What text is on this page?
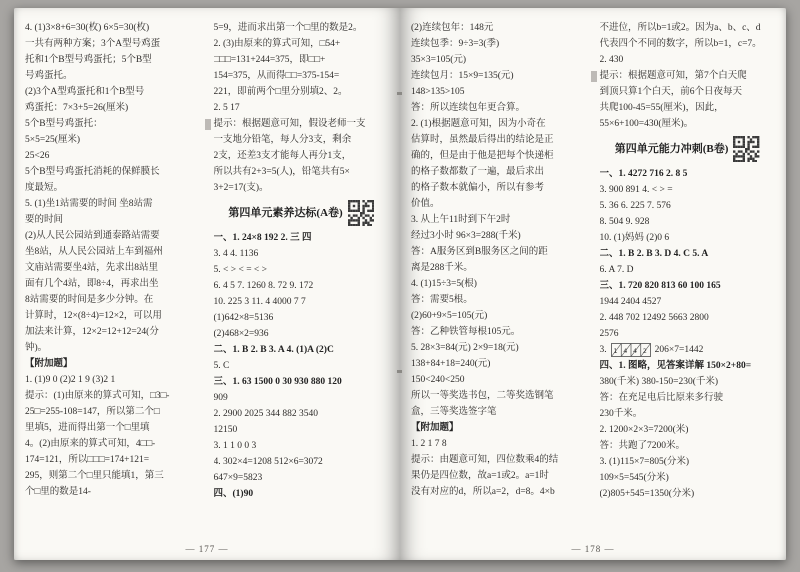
4. (1)3×8+6=30(枚) 6×5=30(枚)
一共有两种方案；3个A型号鸡蛋
托和1个B型号鸡蛋托；5个B型
号鸡蛋托。
(2)3个A型鸡蛋托和1个B型号
鸡蛋托：7×3+5=26(厘米)
5个B型号鸡蛋托：
5×5=25(厘米)
25<26
5个B型号鸡蛋托消耗的保鲜膜长
度最短。
5. (1)坐1站需要的时间 坐8站需
要的时间
(2)从人民公园站到通泰路站需要
坐8站，从人民公园站上车到福州
文庙站需要坐4站，先求出8站里
面有几个4站，即8÷4，再求出坐
8站需要的时间是多少分钟。在
计算时，12×(8÷4)=12×2，可以用
加法来计算，12×2=12+12=24(分
钟)。
【附加题】
1. (1)9 0 (2)2 1 9 (3)2 1
提示：(1)由原来的算式可知，□3□-
25□=255-108=147，所以第二个□
里填5，进而得出第一个□里填
4。(2)由原来的算式可知，4□□-
174=121，所以□□□=174+121=
295，则第二个□里只能填1，第三
个□里的数是14-
5=9，进而求出第一个□里的数是2。
2. (3)由原来的算式可知，□54+
□□□=131+244=375，即□□+
154=375，从而得□□=375-154=
221，即前两个□里分别填2、2。
2. 5 17
提示：根据题意可知，假设老师一支
一支地分铅笔，每人分3支，剩余
2支，还差3支才能每人再分1支，
所以共有2+3=5(人)，铅笔共有5×
3+2=17(支)。
第四单元素养达标(A卷)
一、1. 24×8 192 2. 三 四
3. 4 4. 1136
5. < > < = < >
6. 4 5 7. 1260 8. 72 9. 172
10. 225 3 11. 4 4000 7 7
(1)642×8=5136
(2)468×2=936
二、1. B 2. B 3. A 4. (1)A (2)C
5. C
三、1. 63 1500 0 30 930 880 120
909
2. 2900 2025 344 882 3540
12150
3. 1 1 0 0 3
4. 302×4=1208 512×6=3072
647×9=5823
四、(1)90
— 177 —
(2)连续包年：148元
连续包季：9÷3=3(季)
35×3=105(元)
连续包月：15×9=135(元)
148>135>105
答：所以连续包年更合算。
2. (1)根据题意可知，因为小奇在
估算时，虽然最后得出的结论是正
确的，但是由于他是把每个快递柜
的格子数都数了一遍，最后求出
的格子数本就偏小，所以有参考
价值。
3. 从上午11时到下午2时
经过3小时 96×3=288(千米)
答：A服务区到B服务区之间的距
离是288千米。
4. (1)15÷3=5(根)
答：需要5根。
(2)60+9×5=105(元)
答：乙种铁管每根105元。
5. 28×3=84(元) 2×9=18(元)
138+84+18=240(元)
150<240<250
所以一等奖选书包，二等奖选钢笔
盒，三等奖选签字笔
【附加题】
1. 2 1 7 8
提示：由题意可知，四位数乘4的结
果仍是四位数，故a=1或2。a=1时
没有对应的d，所以a=2，d=8。4×b
不进位，所以b=1或2。因为a、b、c、d
代表四个不同的数字，所以b=1，c=7。
2. 430
提示：根据题意可知，第7个白天爬
到顶只算1个白天，前6个日夜每天
共爬100-45=55(厘米)，因此，
55×6+100=430(厘米)。
第四单元能力冲刺(B卷)
一、1. 4272 716 2. 8 5
3. 900 891 4. < > =
5. 36 6. 225 7. 576
8. 504 9. 928
10. (1)妈妈 (2)0 6
二、1. B 2. B 3. D 4. C 5. A
6. A 7. D
三、1. 720 820 813 60 100 165
1944 2404 4527
2. 448 702 12492 5663 2800
2576
3. 1 4 4 2 206×7=1442
四、1. 图略，见答案详解 150×2+80=
380(千米) 380-150=230(千米)
答：在充足电后比原来多行驶
230千米。
2. 1200×2×3=7200(米)
答：共跑了7200米。
3. (1)115×7=805(分米)
109×5=545(分米)
(2)805+545=1350(分米)
— 178 —
